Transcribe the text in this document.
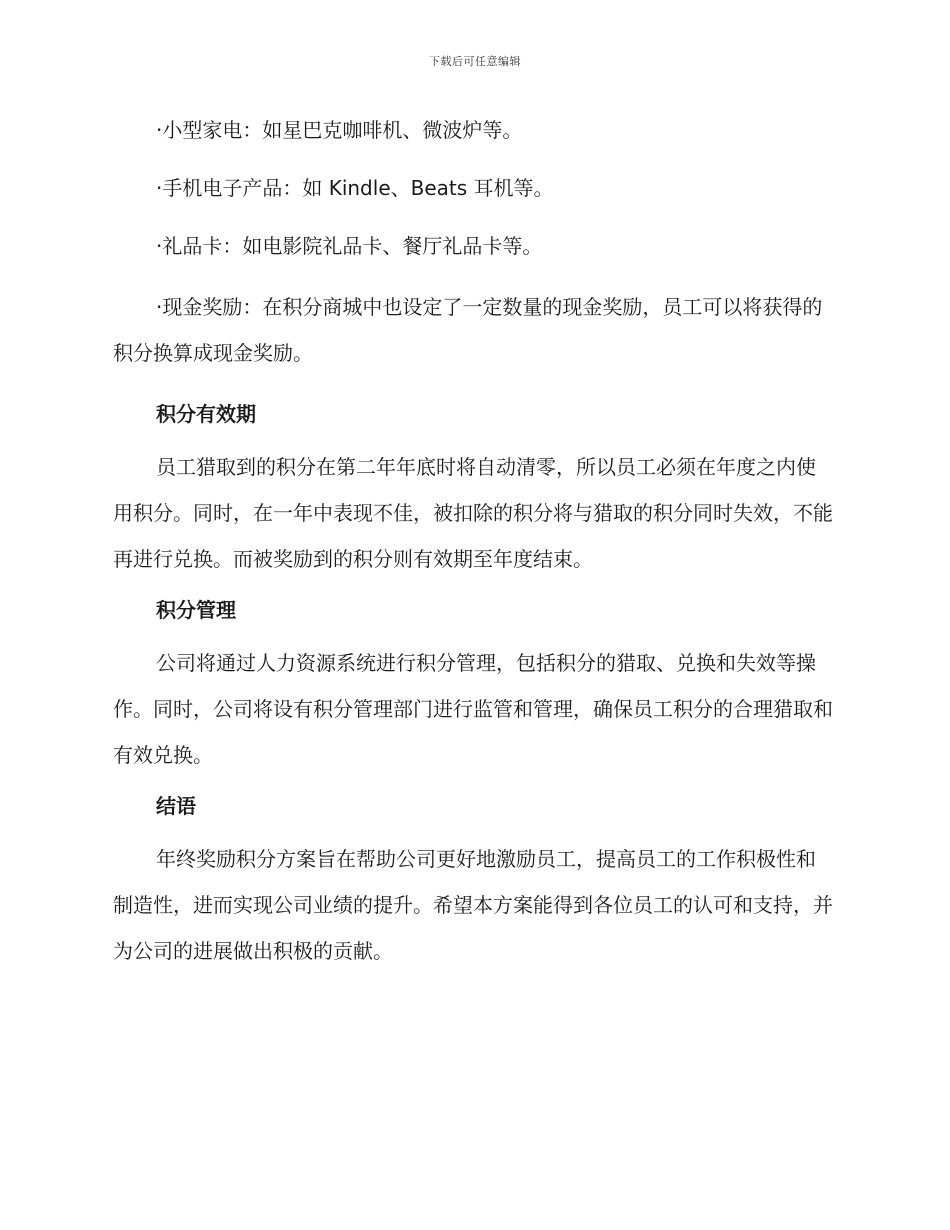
下载后可任意编辑

·小型家电：如星巴克咖啡机、微波炉等。

·手机电子产品：如 Kindle、Beats 耳机等。

·礼品卡：如电影院礼品卡、餐厅礼品卡等。

·现金奖励：在积分商城中也设定了一定数量的现金奖励，员工可以将获得的积分换算成现金奖励。

积分有效期

员工猎取到的积分在第二年年底时将自动清零，所以员工必须在年度之内使用积分。同时，在一年中表现不佳，被扣除的积分将与猎取的积分同时失效，不能再进行兑换。而被奖励到的积分则有效期至年度结束。

积分管理

公司将通过人力资源系统进行积分管理，包括积分的猎取、兑换和失效等操作。同时，公司将设有积分管理部门进行监管和管理，确保员工积分的合理猎取和有效兑换。

结语

年终奖励积分方案旨在帮助公司更好地激励员工，提高员工的工作积极性和制造性，进而实现公司业绩的提升。希望本方案能得到各位员工的认可和支持，并为公司的进展做出积极的贡献。
